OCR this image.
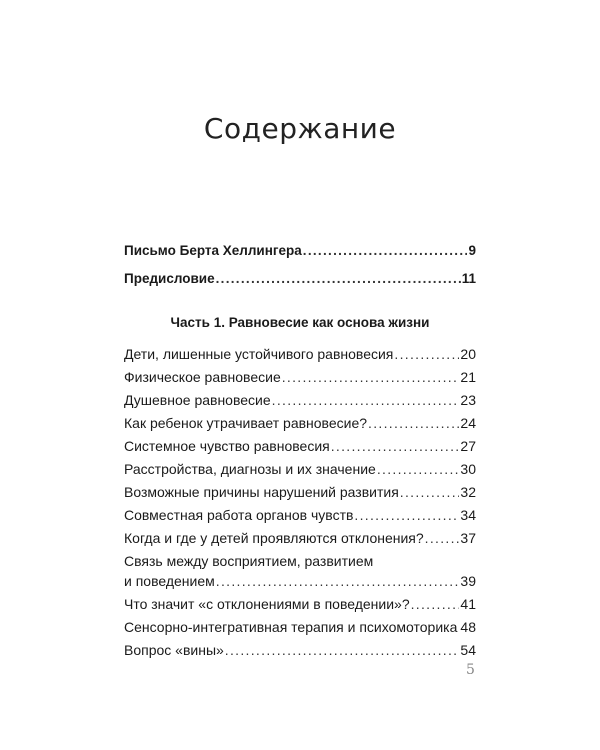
Содержание
Письмо Берта Хеллингера .....	9
Предисловие .....	11
Часть 1. Равновесие как основа жизни
Дети, лишенные устойчивого равновесия .....	20
Физическое равновесие .....	21
Душевное равновесие .....	23
Как ребенок утрачивает равновесие? .....	24
Системное чувство равновесия .....	27
Расстройства, диагнозы и их значение .....	30
Возможные причины нарушений развития .....	32
Совместная работа органов чувств .....	34
Когда и где у детей проявляются отклонения? .....	37
Связь между восприятием, развитием
и поведением .....	39
Что значит «с отклонениями в поведении»? .....	41
Сенсорно-интегративная терапия и психомоторика ..... 48
Вопрос «вины» .....	54
5
